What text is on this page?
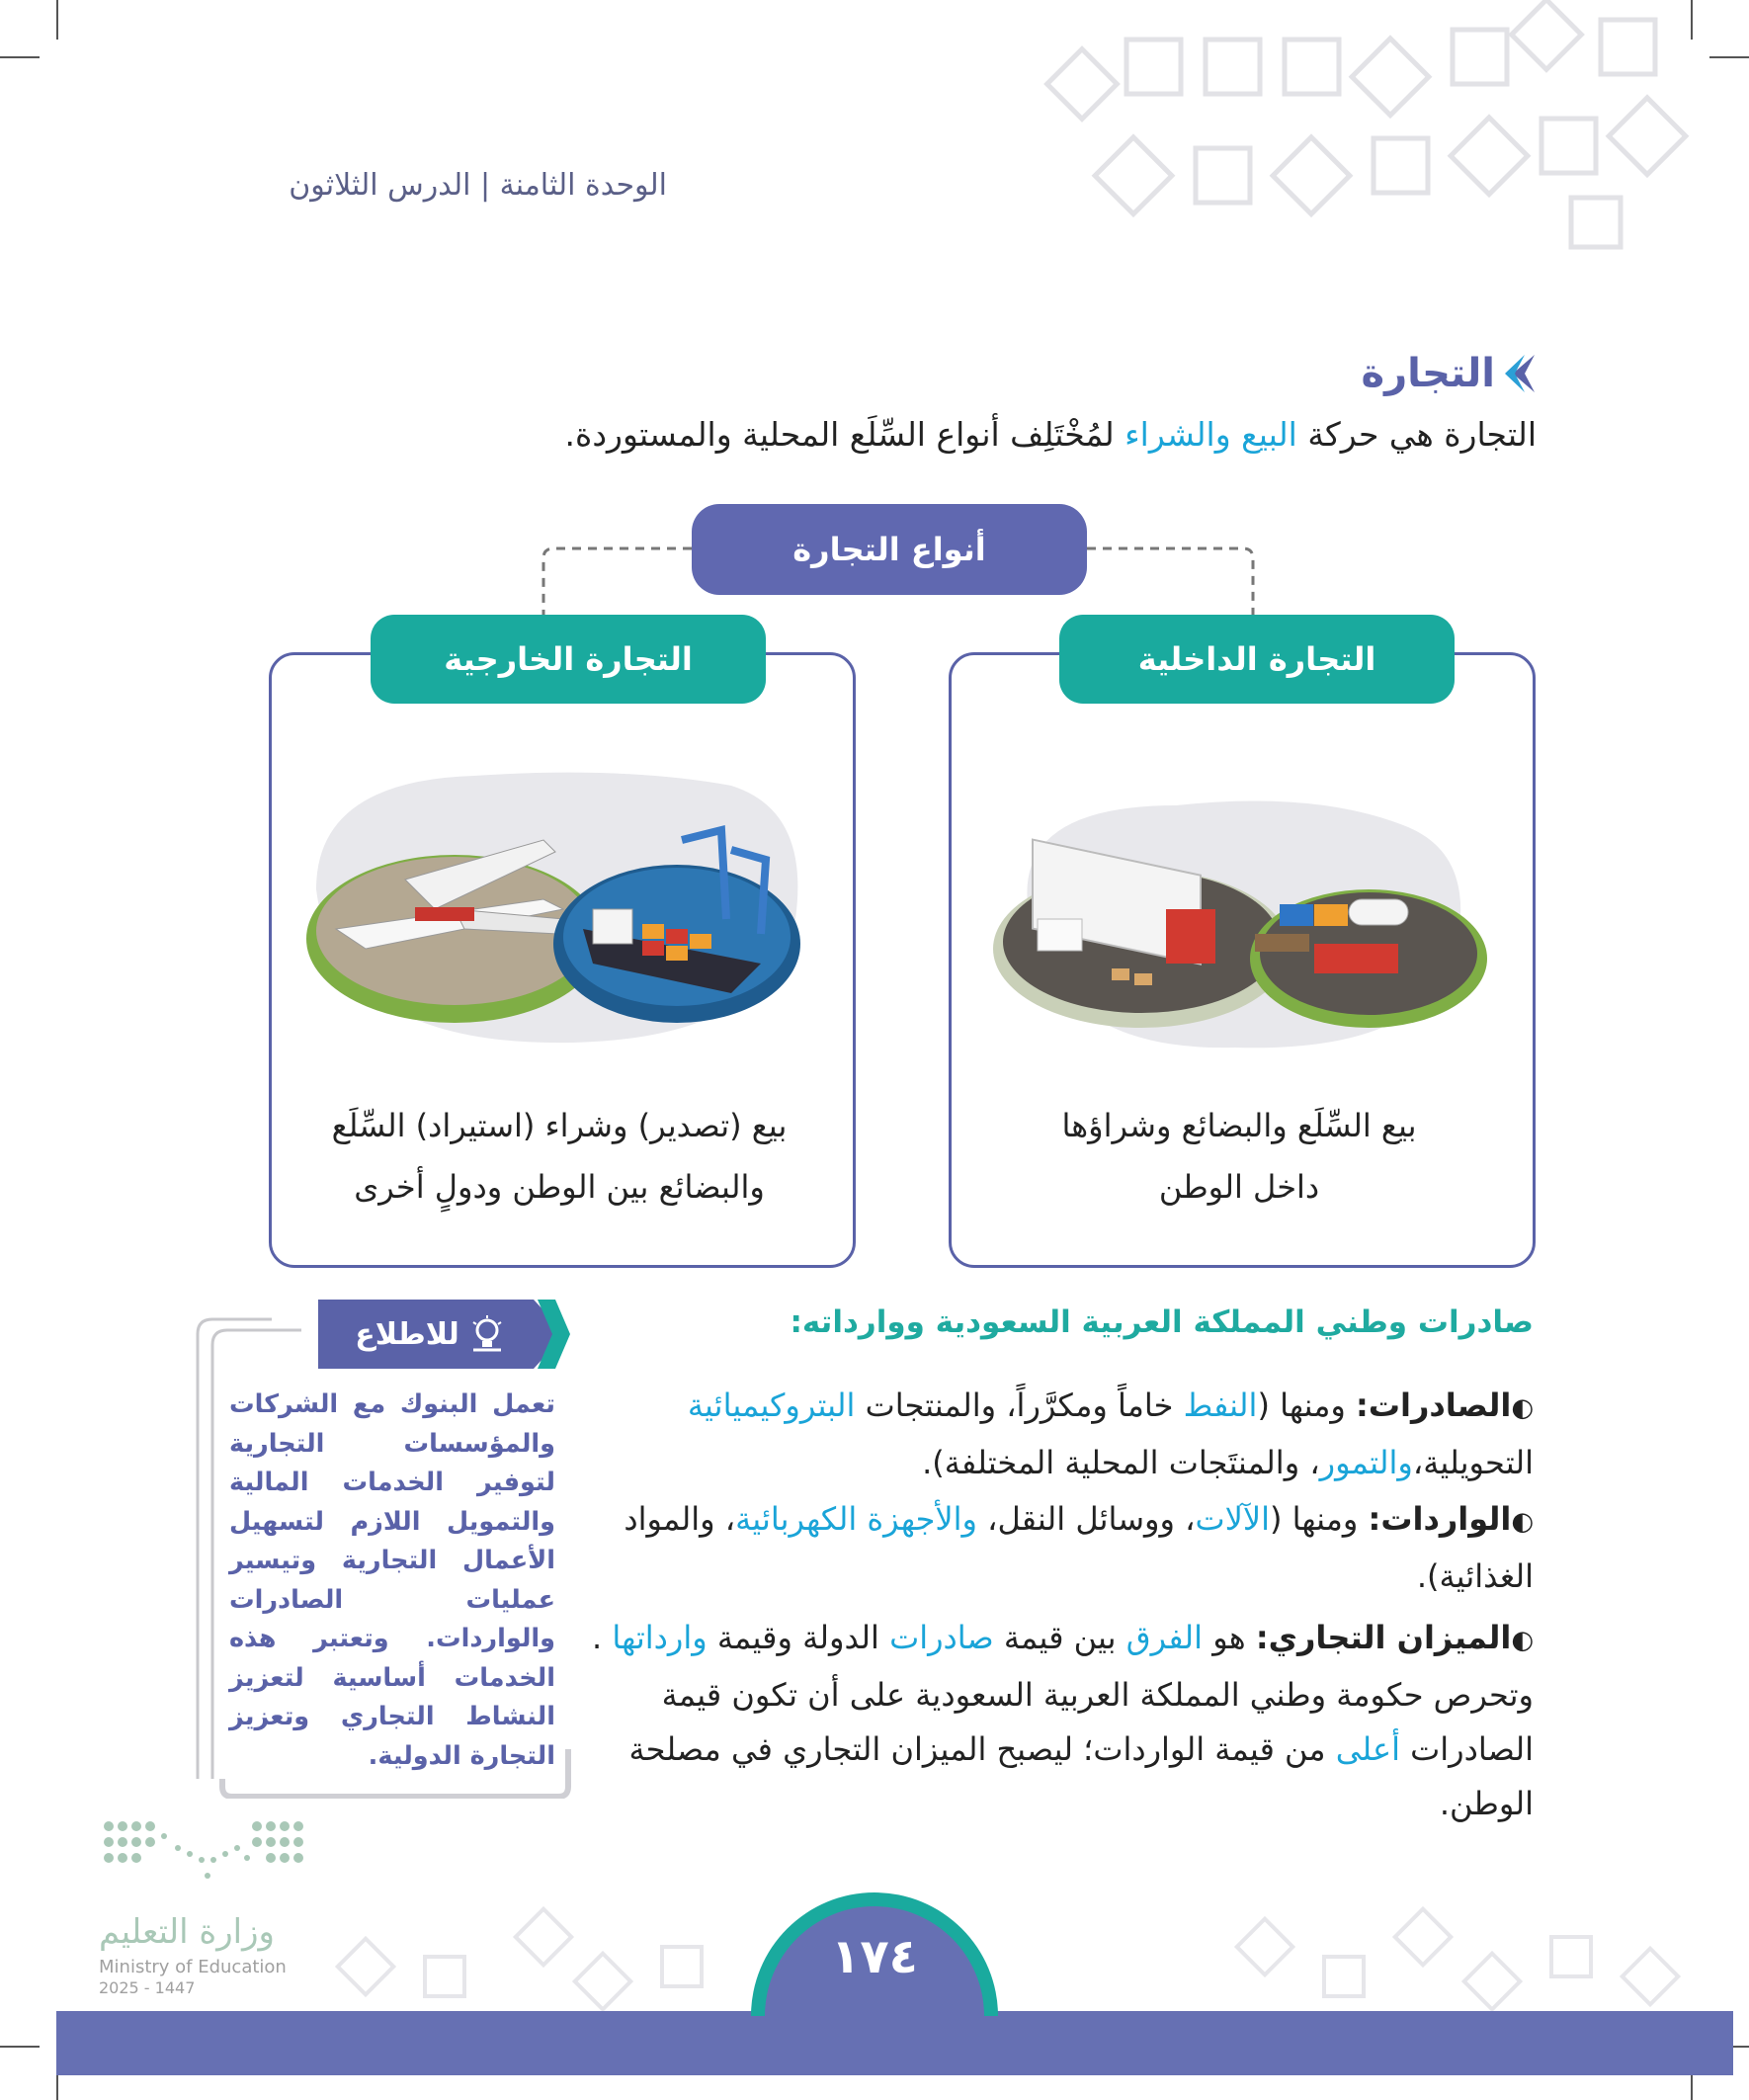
الوحدة الثامنة | الدرس الثلاثون
التجارة
التجارة هي حركة البيع والشراء لمُخْتَلِف أنواع السِّلَع المحلية والمستوردة.
أنواع التجارة
التجارة الداخلية
بيع السِّلَع والبضائع وشراؤها
داخل الوطن
التجارة الخارجية
بيع (تصدير) وشراء (استيراد) السِّلَع
والبضائع بين الوطن ودولٍ أخرى
صادرات وطني المملكة العربية السعودية ووارداته:
◐الصادرات: ومنها (النفط خاماً ومكرَّراً، والمنتجات البتروكيميائية
التحويلية،والتمور، والمنتَجات المحلية المختلفة).
◐الواردات: ومنها (الآلات، ووسائل النقل، والأجهزة الكهربائية، والمواد
الغذائية).
◐الميزان التجاري: هو الفرق بين قيمة صادرات الدولة وقيمة وارداتها .
وتحرص حكومة وطني المملكة العربية السعودية على أن تكون قيمة
الصادرات أعلى من قيمة الواردات؛ ليصبح الميزان التجاري في مصلحة
الوطن.
للاطلاع
تعمل البنوك مع الشركات والمؤسسات التجارية لتوفير الخدمات المالية والتمويل اللازم لتسهيل الأعمال التجارية وتيسير عمليات الصادرات والواردات. وتعتبر هذه الخدمات أساسية لتعزيز النشاط التجاري وتعزيز التجارة الدولية.
وزارة التعليم
Ministry of Education
2025 - 1447
١٧٤
